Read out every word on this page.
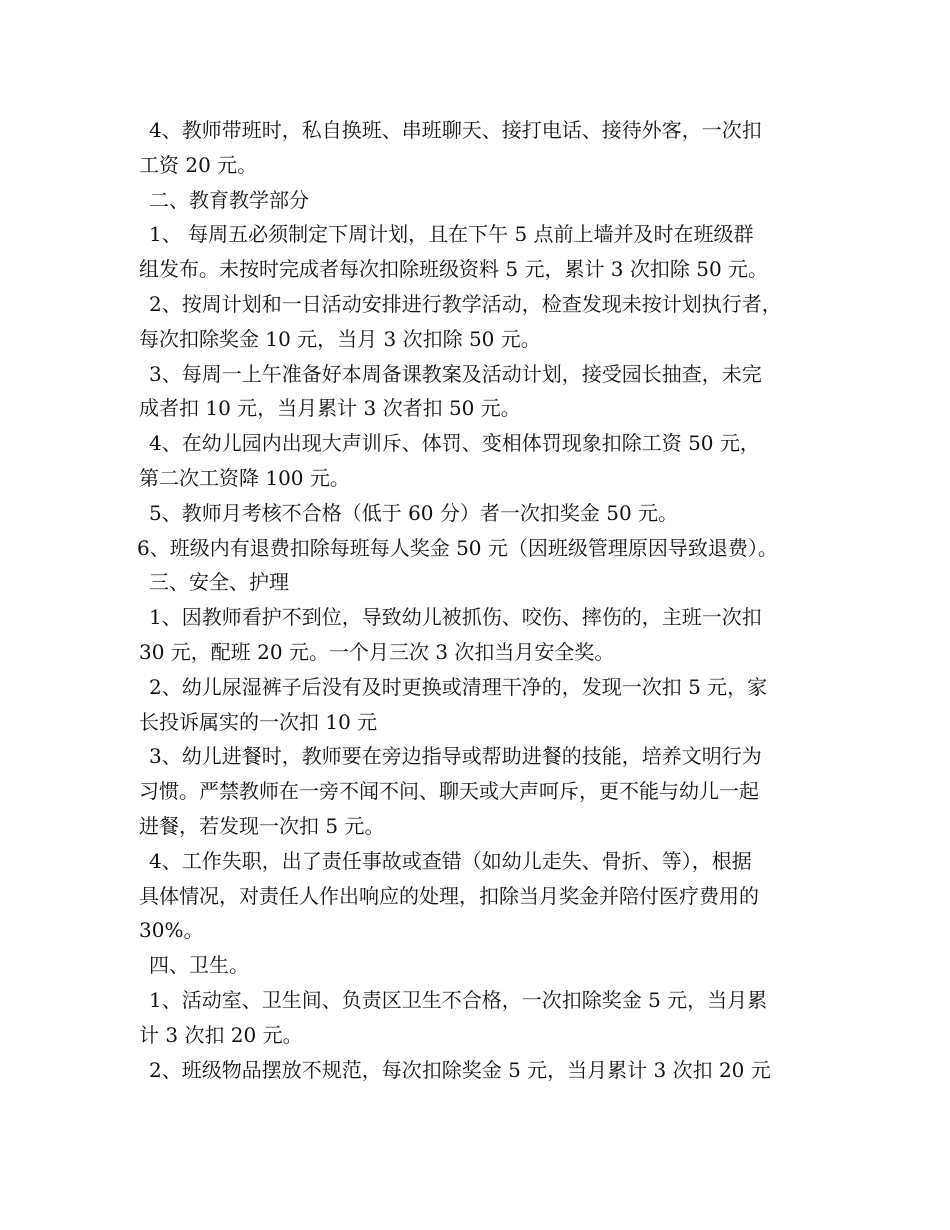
4、教师带班时，私自换班、串班聊天、接打电话、接待外客，一次扣
工资 20 元。
二、教育教学部分
1、 每周五必须制定下周计划，且在下午 5 点前上墙并及时在班级群
组发布。未按时完成者每次扣除班级资料 5 元，累计 3 次扣除 50 元。
2、按周计划和一日活动安排进行教学活动，检查发现未按计划执行者，
每次扣除奖金 10 元，当月 3 次扣除 50 元。
3、每周一上午准备好本周备课教案及活动计划，接受园长抽查，未完
成者扣 10 元，当月累计 3 次者扣 50 元。
4、在幼儿园内出现大声训斥、体罚、变相体罚现象扣除工资 50 元，
第二次工资降 100 元。
5、教师月考核不合格（低于 60 分）者一次扣奖金 50 元。
6、班级内有退费扣除每班每人奖金 50 元（因班级管理原因导致退费）。
三、安全、护理
1、因教师看护不到位，导致幼儿被抓伤、咬伤、摔伤的，主班一次扣
30 元，配班 20 元。一个月三次 3 次扣当月安全奖。
2、幼儿尿湿裤子后没有及时更换或清理干净的，发现一次扣 5 元，家
长投诉属实的一次扣 10 元
3、幼儿进餐时，教师要在旁边指导或帮助进餐的技能，培养文明行为
习惯。严禁教师在一旁不闻不问、聊天或大声呵斥，更不能与幼儿一起
进餐，若发现一次扣 5 元。
4、工作失职，出了责任事故或查错（如幼儿走失、骨折、等），根据
具体情况，对责任人作出响应的处理，扣除当月奖金并陪付医疗费用的
30%。
四、卫生。
1、活动室、卫生间、负责区卫生不合格，一次扣除奖金 5 元，当月累
计 3 次扣 20 元。
2、班级物品摆放不规范，每次扣除奖金 5 元，当月累计 3 次扣 20 元
